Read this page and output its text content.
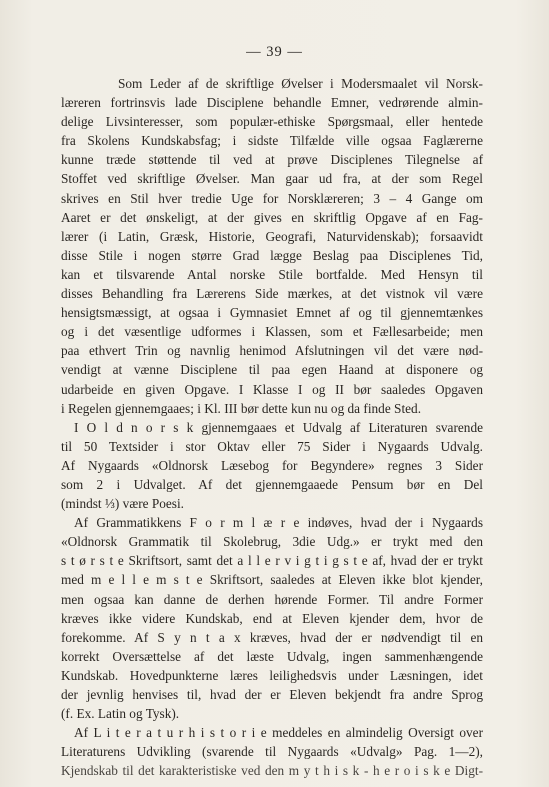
— 39 —
Som Leder af de skriftlige Øvelser i Modersmaalet vil Norsk-
læreren fortrinsvis lade Disciplene behandle Emner, vedrørende almin-
delige Livsinteresser, som populær-ethiske Spørgsmaal, eller hentede
fra Skolens Kundskabsfag; i sidste Tilfælde ville ogsaa Faglærerne
kunne træde støttende til ved at prøve Disciplenes Tilegnelse af
Stoffet ved skriftlige Øvelser. Man gaar ud fra, at der som Regel
skrives en Stil hver tredie Uge for Norsklæreren; 3 – 4 Gange om
Aaret er det ønskeligt, at der gives en skriftlig Opgave af en Fag-
lærer (i Latin, Græsk, Historie, Geografi, Naturvidenskab); forsaavidt
disse Stile i nogen større Grad lægge Beslag paa Disciplenes Tid,
kan et tilsvarende Antal norske Stile bortfalde. Med Hensyn til
disses Behandling fra Lærerens Side mærkes, at det vistnok vil være
hensigtsmæssigt, at ogsaa i Gymnasiet Emnet af og til gjennemtænkes
og i det væsentlige udformes i Klassen, som et Fællesarbeide; men
paa ethvert Trin og navnlig henimod Afslutningen vil det være nød-
vendigt at vænne Disciplene til paa egen Haand at disponere og
udarbeide en given Opgave. I Klasse I og II bør saaledes Opgaven
i Regelen gjennemgaaes; i Kl. III bør dette kun nu og da finde Sted.
I O l d n o r s k gjennemgaaes et Udvalg af Literaturen svarende
til 50 Textsider i stor Oktav eller 75 Sider i Nygaards Udvalg.
Af Nygaards «Oldnorsk Læsebog for Begyndere» regnes 3 Sider
som 2 i Udvalget. Af det gjennemgaaede Pensum bør en Del
(mindst ⅓) være Poesi.
Af Grammatikkens F o r m l æ r e indøves, hvad der i Nygaards
«Oldnorsk Grammatik til Skolebrug, 3die Udg.» er trykt med den
s t ø r s t e Skriftsort, samt det a l l e r v i g t i g s t e af, hvad der er trykt
med m e l l e m s t e Skriftsort, saaledes at Eleven ikke blot kjender,
men ogsaa kan danne de derhen hørende Former. Til andre Former
kræves ikke videre Kundskab, end at Eleven kjender dem, hvor de
forekomme. Af S y n t a x kræves, hvad der er nødvendigt til en
korrekt Oversættelse af det læste Udvalg, ingen sammenhængende
Kundskab. Hovedpunkterne læres leilighedsvis under Læsningen, idet
der jevnlig henvises til, hvad der er Eleven bekjendt fra andre Sprog
(f. Ex. Latin og Tysk).
Af L i t e r a t u r h i s t o r i e meddeles en almindelig Oversigt over
Literaturens Udvikling (svarende til Nygaards «Udvalg» Pag. 1—2),
Kjendskab til det karakteristiske ved den m y t h i s k - h e r o i s k e Digt-
